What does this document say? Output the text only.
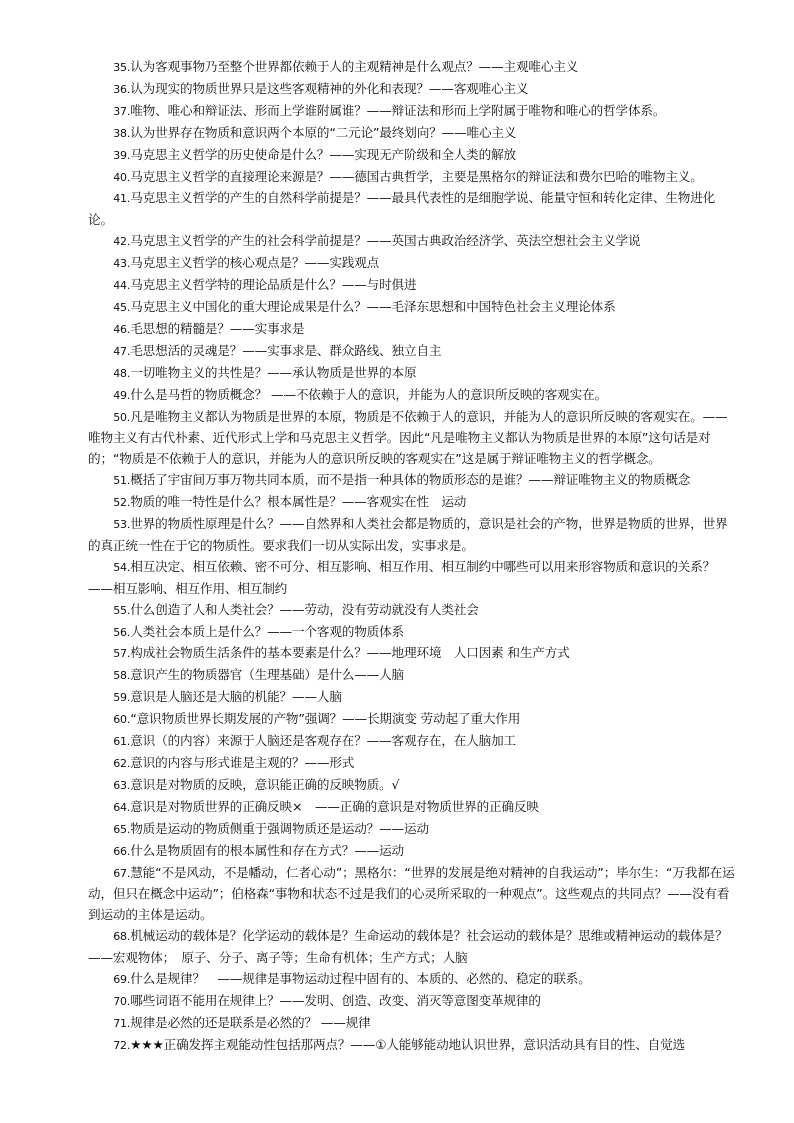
35.认为客观事物乃至整个世界都依赖于人的主观精神是什么观点？——主观唯心主义

36.认为现实的物质世界只是这些客观精神的外化和表现？——客观唯心主义

37.唯物、唯心和辩证法、形而上学谁附属谁？——辩证法和形而上学附属于唯物和唯心的哲学体系。

38.认为世界存在物质和意识两个本原的“二元论”最终划向？——唯心主义

39.马克思主义哲学的历史使命是什么？——实现无产阶级和全人类的解放

40.马克思主义哲学的直接理论来源是？——德国古典哲学，主要是黑格尔的辩证法和费尔巴哈的唯物主义。

41.马克思主义哲学的产生的自然科学前提是？——最具代表性的是细胞学说、能量守恒和转化定律、生物进化论。

42.马克思主义哲学的产生的社会科学前提是？——英国古典政治经济学、英法空想社会主义学说

43.马克思主义哲学的核心观点是？——实践观点

44.马克思主义哲学特的理论品质是什么？——与时俱进

45.马克思主义中国化的重大理论成果是什么？——毛泽东思想和中国特色社会主义理论体系

46.毛思想的精髓是？——实事求是

47.毛思想活的灵魂是？——实事求是、群众路线、独立自主

48.一切唯物主义的共性是？——承认物质是世界的本原

49.什么是马哲的物质概念？ ——不依赖于人的意识，并能为人的意识所反映的客观实在。

50.凡是唯物主义都认为物质是世界的本原，物质是不依赖于人的意识，并能为人的意识所反映的客观实在。——唯物主义有古代朴素、近代形式上学和马克思主义哲学。因此“凡是唯物主义都认为物质是世界的本原”这句话是对的；“物质是不依赖于人的意识，并能为人的意识所反映的客观实在”这是属于辩证唯物主义的哲学概念。

51.概括了宇宙间万事万物共同本质，而不是指一种具体的物质形态的是谁？——辩证唯物主义的物质概念

52.物质的唯一特性是什么？根本属性是？——客观实在性　运动

53.世界的物质性原理是什么？——自然界和人类社会都是物质的，意识是社会的产物，世界是物质的世界，世界的真正统一性在于它的物质性。要求我们一切从实际出发，实事求是。

54.相互决定、相互依赖、密不可分、相互影响、相互作用、相互制约中哪些可以用来形容物质和意识的关系？——相互影响、相互作用、相互制约

55.什么创造了人和人类社会？——劳动，没有劳动就没有人类社会

56.人类社会本质上是什么？——一个客观的物质体系

57.构成社会物质生活条件的基本要素是什么？——地理环境　人口因素 和生产方式

58.意识产生的物质器官（生理基础）是什么——人脑

59.意识是人脑还是大脑的机能？——人脑

60.“意识物质世界长期发展的产物”强调？——长期演变 劳动起了重大作用

61.意识（的内容）来源于人脑还是客观存在？——客观存在，在人脑加工

62.意识的内容与形式谁是主观的？——形式

63.意识是对物质的反映，意识能正确的反映物质。√

64.意识是对物质世界的正确反映×　——正确的意识是对物质世界的正确反映

65.物质是运动的物质侧重于强调物质还是运动？——运动

66.什么是物质固有的根本属性和存在方式？——运动

67.慧能“不是风动，不是幡动，仁者心动”；黑格尔：“世界的发展是绝对精神的自我运动”；毕尔生：“万我都在运动，但只在概念中运动”；伯格森“事物和状态不过是我们的心灵所采取的一种观点”。这些观点的共同点？——没有看到运动的主体是运动。

68.机械运动的载体是？化学运动的载体是？生命运动的载体是？社会运动的载体是？思维或精神运动的载体是？——宏观物体；　原子、分子、离子等；生命有机体；生产方式；人脑

69.什么是规律？　——规律是事物运动过程中固有的、本质的、必然的、稳定的联系。

70.哪些词语不能用在规律上？——发明、创造、改变、消灭等意图变革规律的

71.规律是必然的还是联系是必然的？ ——规律

72.★★★正确发挥主观能动性包括那两点？——①人能够能动地认识世界，意识活动具有目的性、自觉选
